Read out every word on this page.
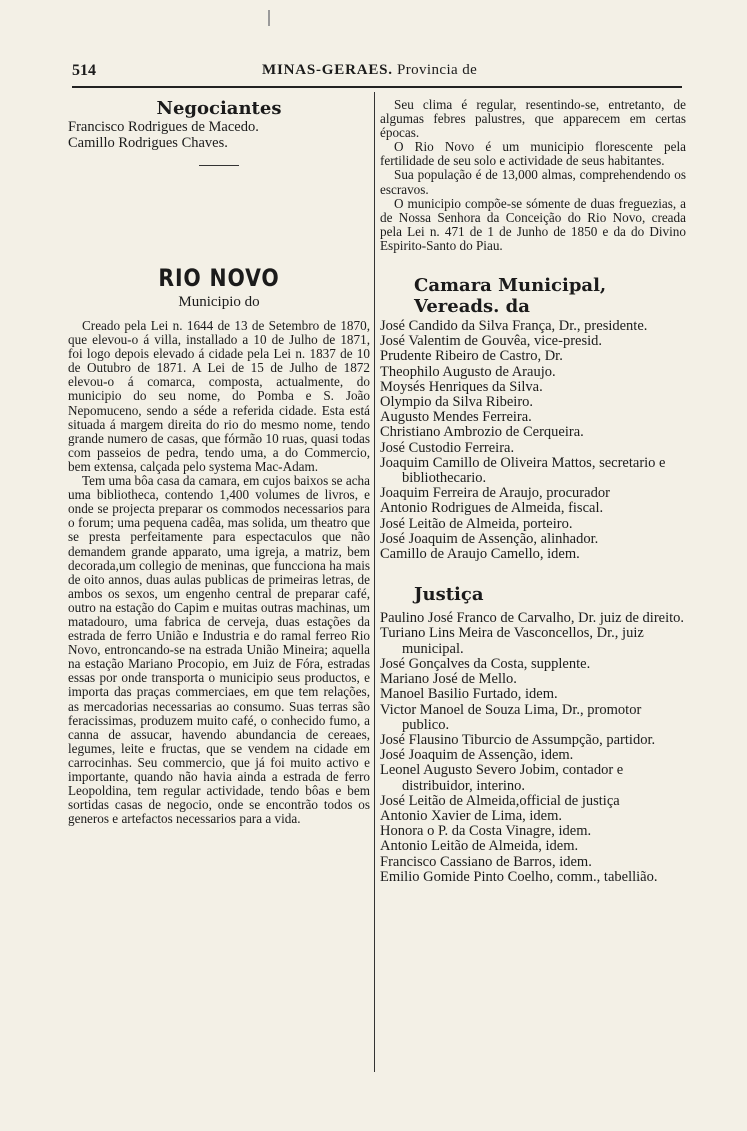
514	MINAS-GERAES. Provincia de
Negociantes
Francisco Rodrigues de Macedo.
Camillo Rodrigues Chaves.
RIO NOVO
Municipio do

Creado pela Lei n. 1644 de 13 de Setembro de 1870, que elevou-o á villa, installado a 10 de Julho de 1871, foi logo depois elevado á cidade pela Lei n. 1837 de 10 de Outubro de 1871. A Lei de 15 de Julho de 1872 elevou-o á comarca, composta, actualmente, do municipio do seu nome, do Pomba e S. João Nepomuceno, sendo a séde a referida cidade. Esta está situada á margem direita do rio do mesmo nome, tendo grande numero de casas, que fórmão 10 ruas, quasi todas com passeios de pedra, tendo uma, a do Commercio, bem extensa, calçada pelo systema Mac-Adam.

Tem uma bôa casa da camara, em cujos baixos se acha uma bibliotheca, contendo 1,400 volumes de livros, e onde se projecta preparar os commodos necessarios para o forum; uma pequena cadêa, mas solida, um theatro que se presta perfeitamente para espectaculos que não demandem grande apparato, uma igreja, a matriz, bem decorada,um collegio de meninas, que funcciona ha mais de oito annos, duas aulas publicas de primeiras letras, de ambos os sexos, um engenho central de preparar café, outro na estação do Capim e muitas outras machinas, um matadouro, uma fabrica de cerveja, duas estações da estrada de ferro União e Industria e do ramal ferreo Rio Novo, entroncando-se na estrada União Mineira; aquella na estação Mariano Procopio, em Juiz de Fóra, estradas essas por onde transporta o municipio seus productos, e importa das praças commerciaes, em que tem relações, as mercadorias necessarias ao consumo. Suas terras são feracissimas, produzem muito café, o conhecido fumo, a canna de assucar, havendo abundancia de cereaes, legumes, leite e fructas, que se vendem na cidade em carrocinhas. Seu commercio, que já foi muito activo e importante, quando não havia ainda a estrada de ferro Leopoldina, tem regular actividade, tendo bôas e bem sortidas casas de negocio, onde se encontrão todos os generos e artefactos necessarios para a vida.

Seu clima é regular, resentindo-se, entretanto, de algumas febres palustres, que apparecem em certas épocas.

O Rio Novo é um municipio florescente pela fertilidade de seu solo e actividade de seus habitantes.

Sua população é de 13,000 almas, comprehendendo os escravos.

O municipio compõe-se sómente de duas freguezias, a de Nossa Senhora da Conceição do Rio Novo, creada pela Lei n. 471 de 1 de Junho de 1850 e da do Divino Espirito-Santo do Piau.

Camara Municipal, Vereads. da
José Candido da Silva França, Dr., presidente.
José Valentim de Gouvêa, vice-presid.
Prudente Ribeiro de Castro, Dr.
Theophilo Augusto de Araujo.
Moysés Henriques da Silva.
Olympio da Silva Ribeiro.
Augusto Mendes Ferreira.
Christiano Ambrozio de Cerqueira.
José Custodio Ferreira.
Joaquim Camillo de Oliveira Mattos, secretario e bibliothecario.
Joaquim Ferreira de Araujo, procurador
Antonio Rodrigues de Almeida, fiscal.
José Leitão de Almeida, porteiro.
José Joaquim de Assenção, alinhador.
Camillo de Araujo Camello, idem.
Justiça
Paulino José Franco de Carvalho, Dr. juiz de direito.
Turiano Lins Meira de Vasconcellos, Dr., juiz municipal.
José Gonçalves da Costa, supplente.
Mariano José de Mello.
Manoel Basilio Furtado, idem.
Victor Manoel de Souza Lima, Dr., promotor publico.
José Flausino Tiburcio de Assumpção, partidor.
José Joaquim de Assenção, idem.
Leonel Augusto Severo Jobim, contador e distribuidor, interino.
José Leitão de Almeida,official de justiça
Antonio Xavier de Lima, idem.
Honora o P. da Costa Vinagre, idem.
Antonio Leitão de Almeida, idem.
Francisco Cassiano de Barros, idem.
Emilio Gomide Pinto Coelho, comm., tabellião.
